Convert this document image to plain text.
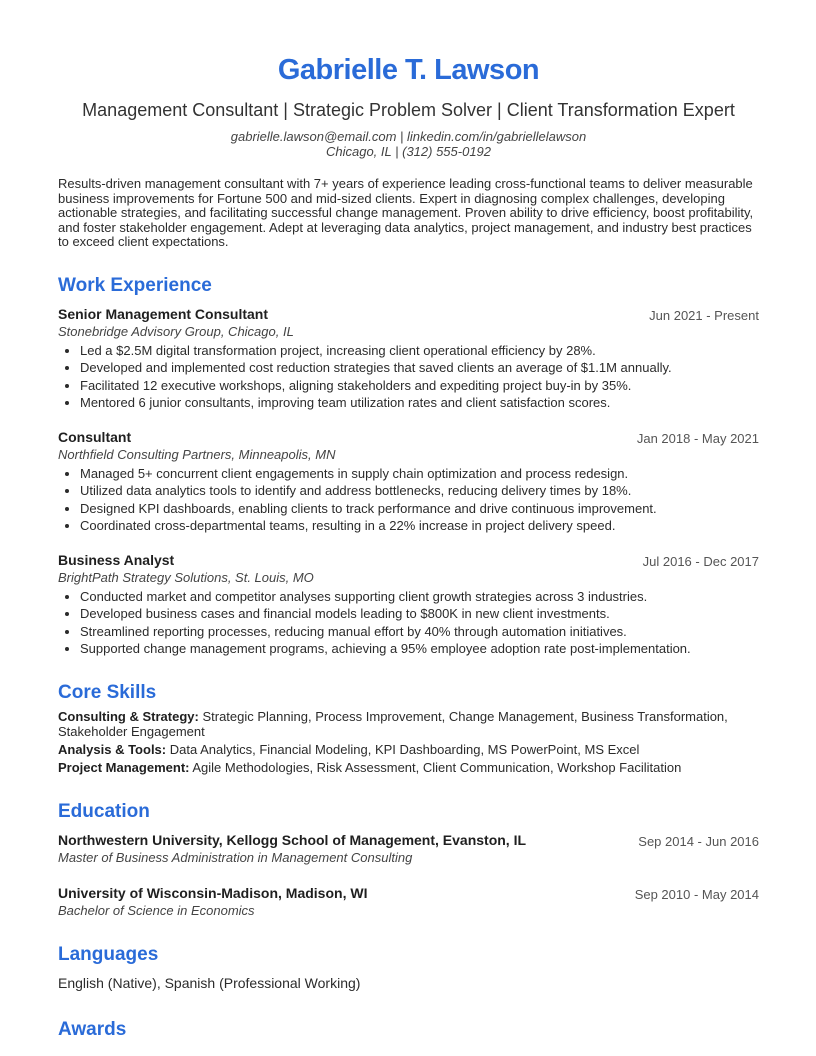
Gabrielle T. Lawson
Management Consultant | Strategic Problem Solver | Client Transformation Expert
gabrielle.lawson@email.com | linkedin.com/in/gabriellelawson
Chicago, IL | (312) 555-0192
Results-driven management consultant with 7+ years of experience leading cross-functional teams to deliver measurable business improvements for Fortune 500 and mid-sized clients. Expert in diagnosing complex challenges, developing actionable strategies, and facilitating successful change management. Proven ability to drive efficiency, boost profitability, and foster stakeholder engagement. Adept at leveraging data analytics, project management, and industry best practices to exceed client expectations.
Work Experience
Senior Management Consultant	Jun 2021 - Present
Stonebridge Advisory Group, Chicago, IL
• Led a $2.5M digital transformation project, increasing client operational efficiency by 28%.
• Developed and implemented cost reduction strategies that saved clients an average of $1.1M annually.
• Facilitated 12 executive workshops, aligning stakeholders and expediting project buy-in by 35%.
• Mentored 6 junior consultants, improving team utilization rates and client satisfaction scores.
Consultant	Jan 2018 - May 2021
Northfield Consulting Partners, Minneapolis, MN
• Managed 5+ concurrent client engagements in supply chain optimization and process redesign.
• Utilized data analytics tools to identify and address bottlenecks, reducing delivery times by 18%.
• Designed KPI dashboards, enabling clients to track performance and drive continuous improvement.
• Coordinated cross-departmental teams, resulting in a 22% increase in project delivery speed.
Business Analyst	Jul 2016 - Dec 2017
BrightPath Strategy Solutions, St. Louis, MO
• Conducted market and competitor analyses supporting client growth strategies across 3 industries.
• Developed business cases and financial models leading to $800K in new client investments.
• Streamlined reporting processes, reducing manual effort by 40% through automation initiatives.
• Supported change management programs, achieving a 95% employee adoption rate post-implementation.
Core Skills
Consulting & Strategy: Strategic Planning, Process Improvement, Change Management, Business Transformation, Stakeholder Engagement
Analysis & Tools: Data Analytics, Financial Modeling, KPI Dashboarding, MS PowerPoint, MS Excel
Project Management: Agile Methodologies, Risk Assessment, Client Communication, Workshop Facilitation
Education
Northwestern University, Kellogg School of Management, Evanston, IL	Sep 2014 - Jun 2016
Master of Business Administration in Management Consulting
University of Wisconsin-Madison, Madison, WI	Sep 2010 - May 2014
Bachelor of Science in Economics
Languages
English (Native), Spanish (Professional Working)
Awards
